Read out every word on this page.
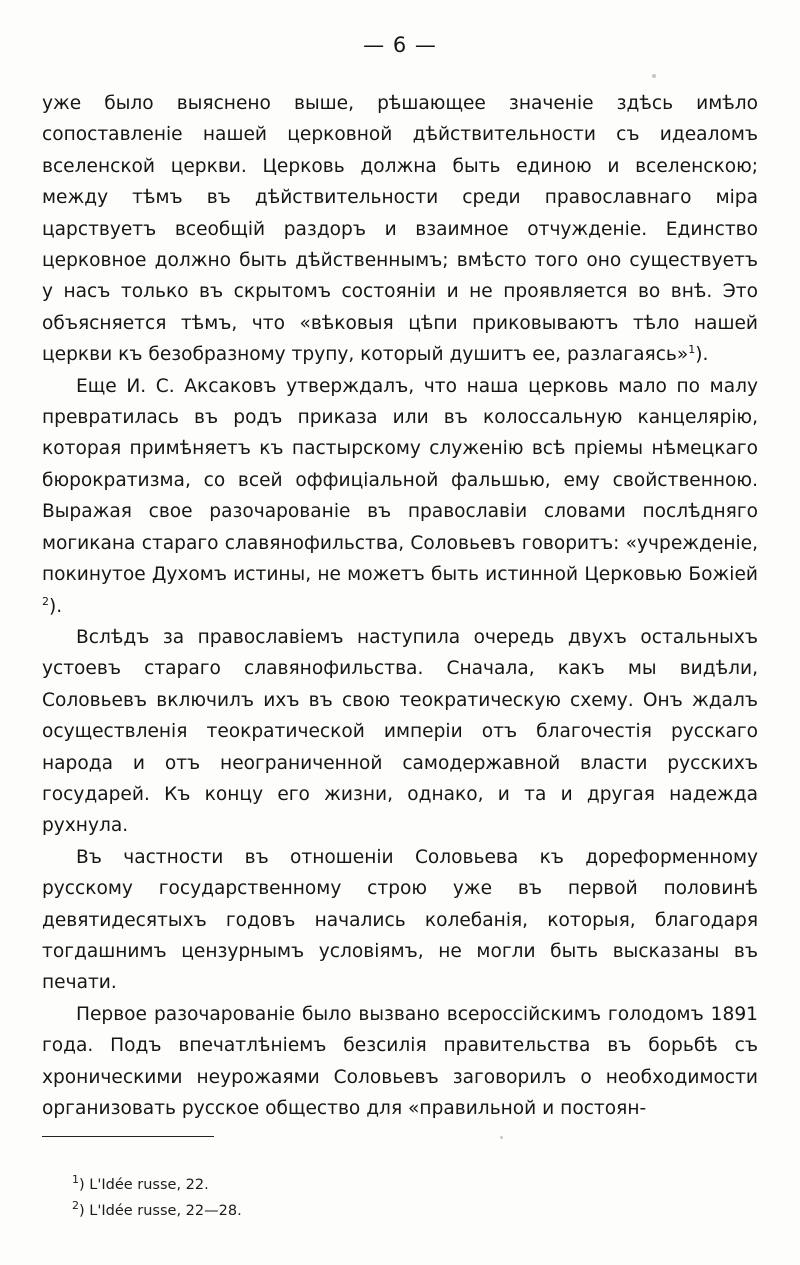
— 6 —

уже было выяснено выше, рѣшающее значеніе здѣсь имѣло сопоставленіе нашей церковной дѣйствительности съ идеаломъ вселенской церкви. Церковь должна быть единою и вселенскою; между тѣмъ въ дѣйствительности среди православнаго міра царствуетъ всеобщій раздоръ и взаимное отчужденіе. Единство церковное должно быть дѣйственнымъ; вмѣсто того оно существуетъ у насъ только въ скрытомъ состояніи и не проявляется во внѣ. Это объясняется тѣмъ, что «вѣковыя цѣпи приковываютъ тѣло нашей церкви къ безобразному трупу, который душитъ ее, разлагаясь»$^1$).

Еще И. С. Аксаковъ утверждалъ, что наша церковь мало по малу превратилась въ родъ приказа или въ колоссальную канцелярію, которая примѣняетъ къ пастырскому служенію всѣ пріемы нѣмецкаго бюрократизма, со всей оффиціальной фальшью, ему свойственною. Выражая свое разочарованіе въ православіи словами послѣдняго могикана стараго славянофильства, Соловьевъ говоритъ: «учрежденіе, покинутое Духомъ истины, не можетъ быть истинной Церковью Божіей $^2$).

Вслѣдъ за православіемъ наступила очередь двухъ остальныхъ устоевъ стараго славянофильства. Сначала, какъ мы видѣли, Соловьевъ включилъ ихъ въ свою теократическую схему. Онъ ждалъ осуществленія теократической имперіи отъ благочестія русскаго народа и отъ неограниченной самодержавной власти русскихъ государей. Къ концу его жизни, однако, и та и другая надежда рухнула.

Въ частности въ отношеніи Соловьева къ дореформенному русскому государственному строю уже въ первой половинѣ девятидесятыхъ годовъ начались колебанія, которыя, благодаря тогдашнимъ цензурнымъ условіямъ, не могли быть высказаны въ печати.

Первое разочарованіе было вызвано всероссійскимъ голодомъ 1891 года. Подъ впечатлѣніемъ безсилія правительства въ борьбѣ съ хроническими неурожаями Соловьевъ заговорилъ о необходимости организовать русское общество для «правильной и постоян-

$^1$) L'Idée russe, 22.
$^2$) L'Idée russe, 22—28.
